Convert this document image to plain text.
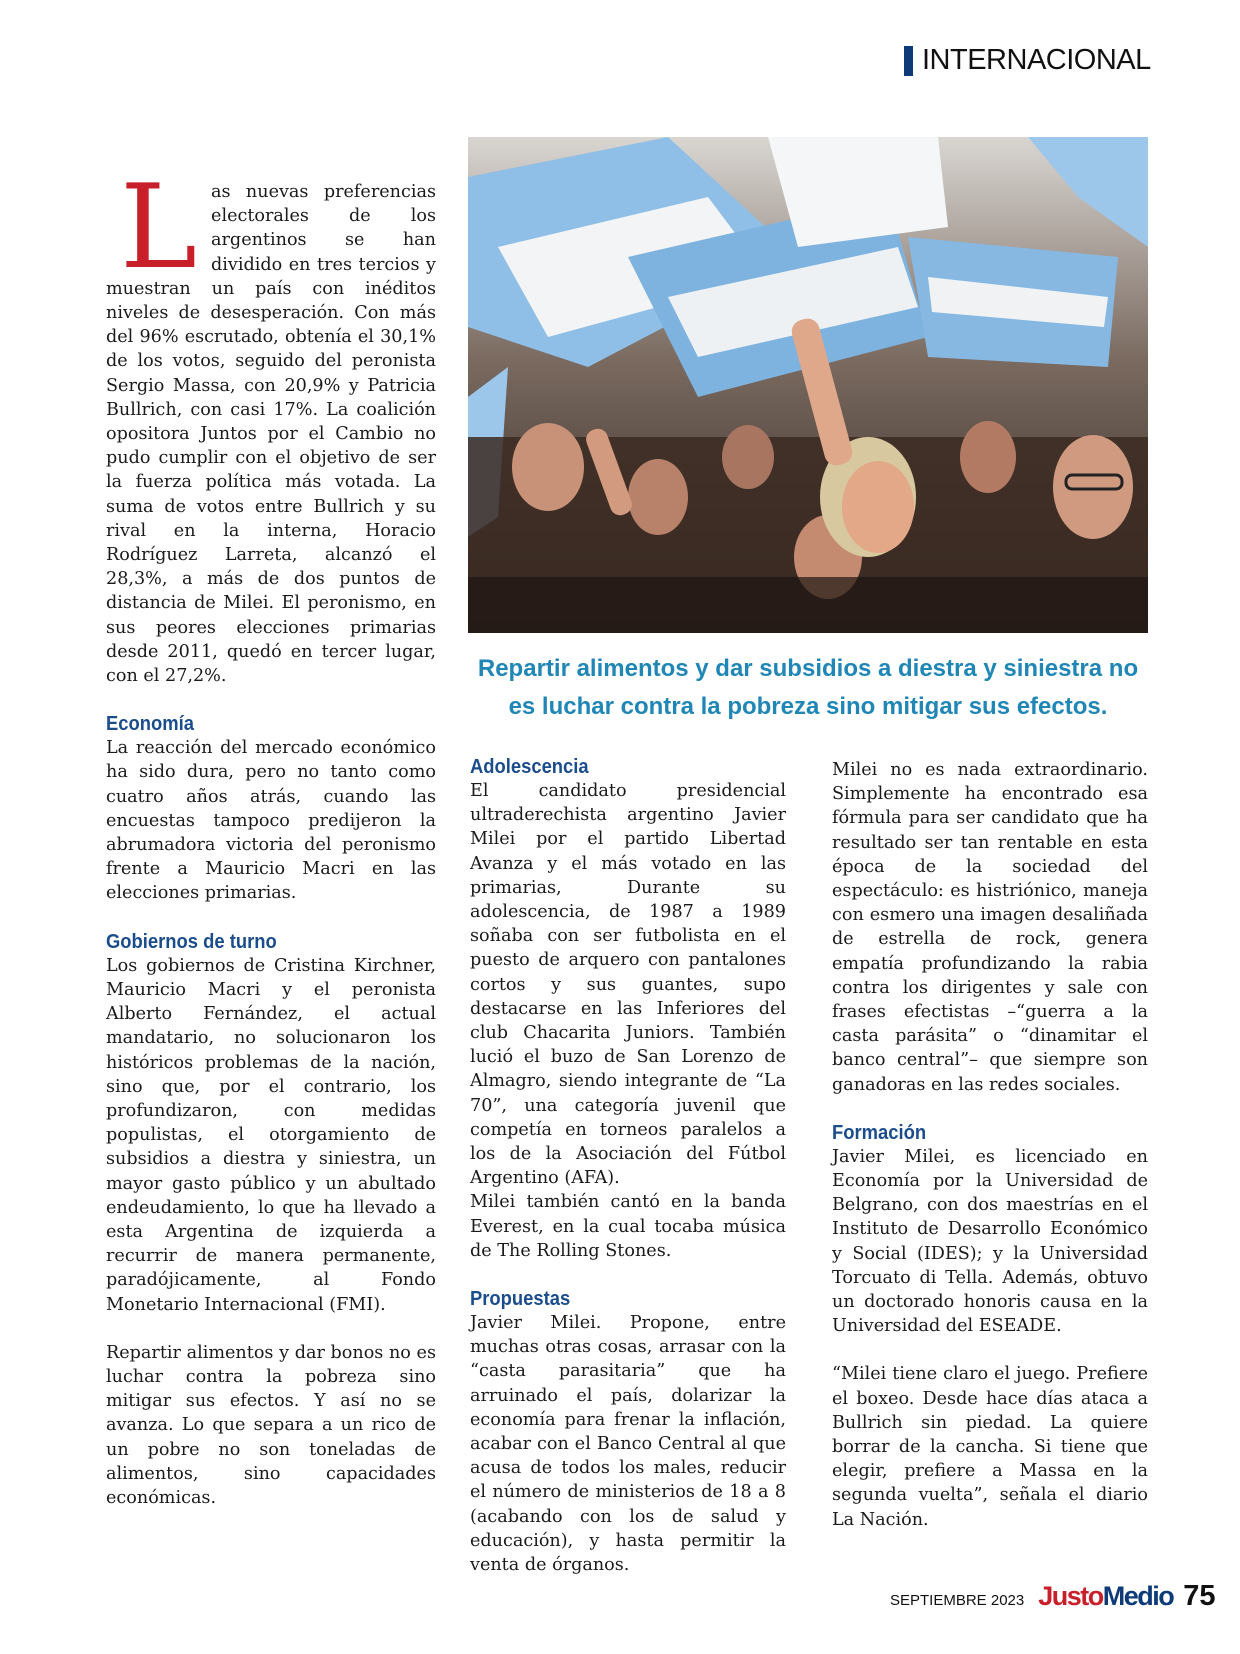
INTERNACIONAL

Las nuevas preferencias electorales de los argentinos se han dividido en tres tercios y muestran un país con inéditos niveles de desesperación. Con más del 96% escrutado, obtenía el 30,1% de los votos, seguido del peronista Sergio Massa, con 20,9% y Patricia Bullrich, con casi 17%. La coalición opositora Juntos por el Cambio no pudo cumplir con el objetivo de ser la fuerza política más votada. La suma de votos entre Bullrich y su rival en la interna, Horacio Rodríguez Larreta, alcanzó el 28,3%, a más de dos puntos de distancia de Milei. El peronismo, en sus peores elecciones primarias desde 2011, quedó en tercer lugar, con el 27,2%.

Economía

La reacción del mercado económico ha sido dura, pero no tanto como cuatro años atrás, cuando las encuestas tampoco predijeron la abrumadora victoria del peronismo frente a Mauricio Macri en las elecciones primarias.

Gobiernos de turno

Los gobiernos de Cristina Kirchner, Mauricio Macri y el peronista Alberto Fernández, el actual mandatario, no solucionaron los históricos problemas de la nación, sino que, por el contrario, los profundizaron, con medidas populistas, el otorgamiento de subsidios a diestra y siniestra, un mayor gasto público y un abultado endeudamiento, lo que ha llevado a esta Argentina de izquierda a recurrir de manera permanente, paradójicamente, al Fondo Monetario Internacional (FMI).

Repartir alimentos y dar bonos no es luchar contra la pobreza sino mitigar sus efectos. Y así no se avanza. Lo que separa a un rico de un pobre no son toneladas de alimentos, sino capacidades económicas.

Repartir alimentos y dar subsidios a diestra y siniestra no es luchar contra la pobreza sino mitigar sus efectos.
Adolescencia

El candidato presidencial ultraderechista argentino Javier Milei por el partido Libertad Avanza y el más votado en las primarias, Durante su adolescencia, de 1987 a 1989 soñaba con ser futbolista en el puesto de arquero con pantalones cortos y sus guantes, supo destacarse en las Inferiores del club Chacarita Juniors. También lució el buzo de San Lorenzo de Almagro, siendo integrante de “La 70”, una categoría juvenil que competía en torneos paralelos a los de la Asociación del Fútbol Argentino (AFA).

Milei también cantó en la banda Everest, en la cual tocaba música de The Rolling Stones.

Propuestas

Javier Milei. Propone, entre muchas otras cosas, arrasar con la “casta parasitaria” que ha arruinado el país, dolarizar la economía para frenar la inflación, acabar con el Banco Central al que acusa de todos los males, reducir el número de ministerios de 18 a 8 (acabando con los de salud y educación), y hasta permitir la venta de órganos.

Milei no es nada extraordinario. Simplemente ha encontrado esa fórmula para ser candidato que ha resultado ser tan rentable en esta época de la sociedad del espectáculo: es histriónico, maneja con esmero una imagen desaliñada de estrella de rock, genera empatía profundizando la rabia contra los dirigentes y sale con frases efectistas –“guerra a la casta parásita” o “dinamitar el banco central”– que siempre son ganadoras en las redes sociales.

Formación

Javier Milei, es licenciado en Economía por la Universidad de Belgrano, con dos maestrías en el Instituto de Desarrollo Económico y Social (IDES); y la Universidad Torcuato di Tella. Además, obtuvo un doctorado honoris causa en la Universidad del ESEADE.

“Milei tiene claro el juego. Prefiere el boxeo. Desde hace días ataca a Bullrich sin piedad. La quiere borrar de la cancha. Si tiene que elegir, prefiere a Massa en la segunda vuelta”, señala el diario La Nación.

SEPTIEMBRE 2023 JustoMedio 75
